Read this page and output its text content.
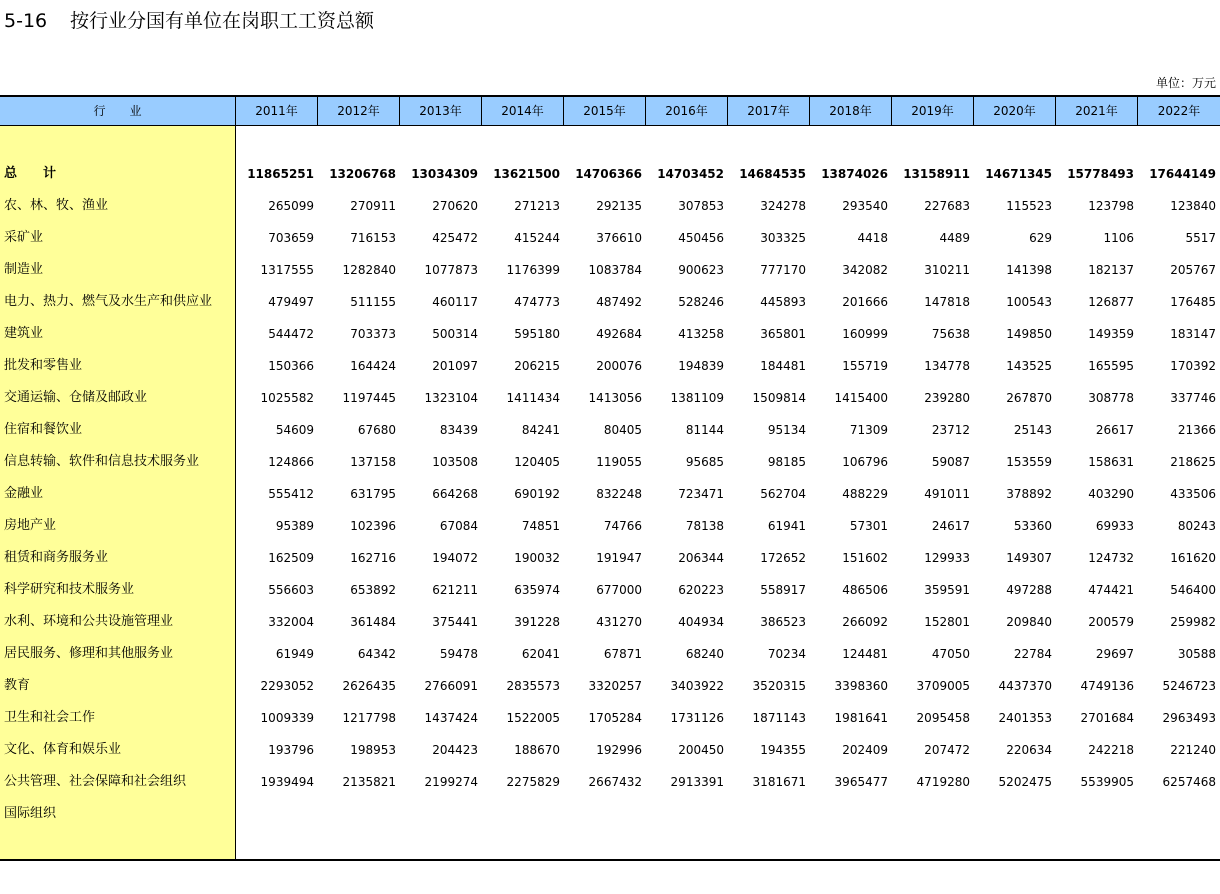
5-16 按行业分国有单位在岗职工工资总额
单位：万元
行　　业	2011年	2012年	2013年	2014年	2015年	2016年	2017年	2018年	2019年	2020年	2021年	2022年
总　　计	11865251	13206768	13034309	13621500	14706366	14703452	14684535	13874026	13158911	14671345	15778493	17644149
农、林、牧、渔业	265099	270911	270620	271213	292135	307853	324278	293540	227683	115523	123798	123840
采矿业	703659	716153	425472	415244	376610	450456	303325	4418	4489	629	1106	5517
制造业	1317555	1282840	1077873	1176399	1083784	900623	777170	342082	310211	141398	182137	205767
电力、热力、燃气及水生产和供应业	479497	511155	460117	474773	487492	528246	445893	201666	147818	100543	126877	176485
建筑业	544472	703373	500314	595180	492684	413258	365801	160999	75638	149850	149359	183147
批发和零售业	150366	164424	201097	206215	200076	194839	184481	155719	134778	143525	165595	170392
交通运输、仓储及邮政业	1025582	1197445	1323104	1411434	1413056	1381109	1509814	1415400	239280	267870	308778	337746
住宿和餐饮业	54609	67680	83439	84241	80405	81144	95134	71309	23712	25143	26617	21366
信息转输、软件和信息技术服务业	124866	137158	103508	120405	119055	95685	98185	106796	59087	153559	158631	218625
金融业	555412	631795	664268	690192	832248	723471	562704	488229	491011	378892	403290	433506
房地产业	95389	102396	67084	74851	74766	78138	61941	57301	24617	53360	69933	80243
租赁和商务服务业	162509	162716	194072	190032	191947	206344	172652	151602	129933	149307	124732	161620
科学研究和技术服务业	556603	653892	621211	635974	677000	620223	558917	486506	359591	497288	474421	546400
水利、环境和公共设施管理业	332004	361484	375441	391228	431270	404934	386523	266092	152801	209840	200579	259982
居民服务、修理和其他服务业	61949	64342	59478	62041	67871	68240	70234	124481	47050	22784	29697	30588
教育	2293052	2626435	2766091	2835573	3320257	3403922	3520315	3398360	3709005	4437370	4749136	5246723
卫生和社会工作	1009339	1217798	1437424	1522005	1705284	1731126	1871143	1981641	2095458	2401353	2701684	2963493
文化、体育和娱乐业	193796	198953	204423	188670	192996	200450	194355	202409	207472	220634	242218	221240
公共管理、社会保障和社会组织	1939494	2135821	2199274	2275829	2667432	2913391	3181671	3965477	4719280	5202475	5539905	6257468
国际组织
